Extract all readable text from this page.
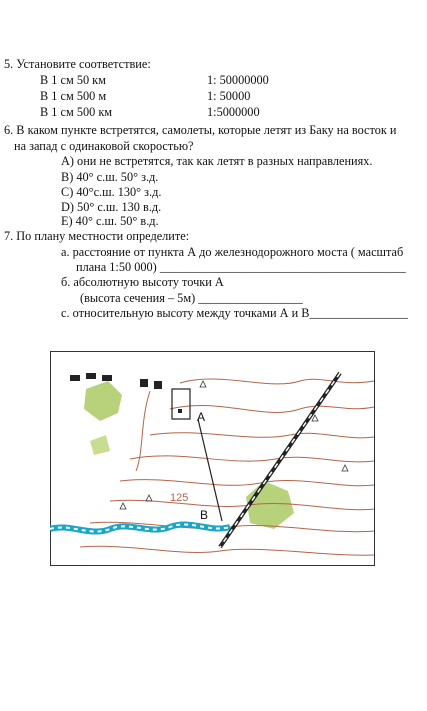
5. Установите соответствие:
В 1 см 50 км
В 1 см 500 м
В 1 см 500 км
1: 50000000
1: 50000
1:5000000
6. В каком пункте встретятся, самолеты, которые летят из Баку на восток и
на запад с одинаковой скоростью?
A) они не встретятся, так как летят в разных направлениях.
B) 40° с.ш. 50° з.д.
C) 40°с.ш. 130° з.д.
D) 50° с.ш. 130 в.д.
E) 40° с.ш. 50° в.д.
7. По плану местности определите:
a. расстояние от пункта А до железнодорожного моста ( масштаб
плана 1:50 000) ________________________________________
б. абсолютную высоту точки А
(высота сечения – 5м) _________________
c. относительную высоту между точками А и В________________
125
A
B
